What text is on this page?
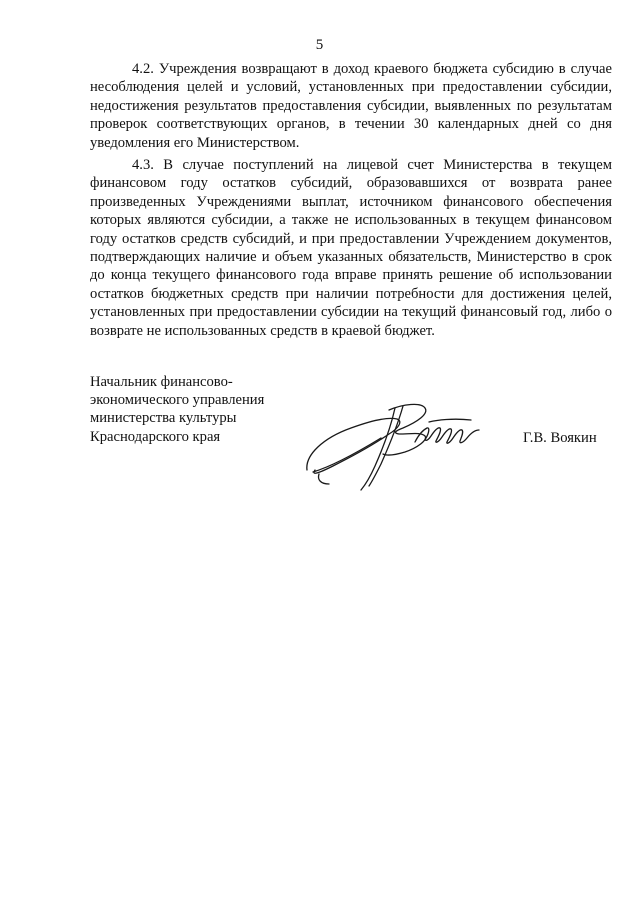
5

4.2. Учреждения возвращают в доход краевого бюджета субсидию в случае несоблюдения целей и условий, установленных при предоставлении субсидии, недостижения результатов предоставления субсидии, выявленных по результатам проверок соответствующих органов, в течении 30 календарных дней со дня уведомления его Министерством.

4.3. В случае поступлений на лицевой счет Министерства в текущем финансовом году остатков субсидий, образовавшихся от возврата ранее произведенных Учреждениями выплат, источником финансового обеспечения которых являются субсидии, а также не использованных в текущем финансовом году остатков средств субсидий, и при предоставлении Учреждением документов, подтверждающих наличие и объем указанных обязательств, Министерство в срок до конца текущего финансового года вправе принять решение об использовании остатков бюджетных средств при наличии потребности для достижения целей, установленных при предоставлении субсидии на текущий финансовый год, либо о возврате не использованных средств в краевой бюджет.

Начальник финансово-
экономического управления
министерства культуры
Краснодарского края	Г.В. Воякин
